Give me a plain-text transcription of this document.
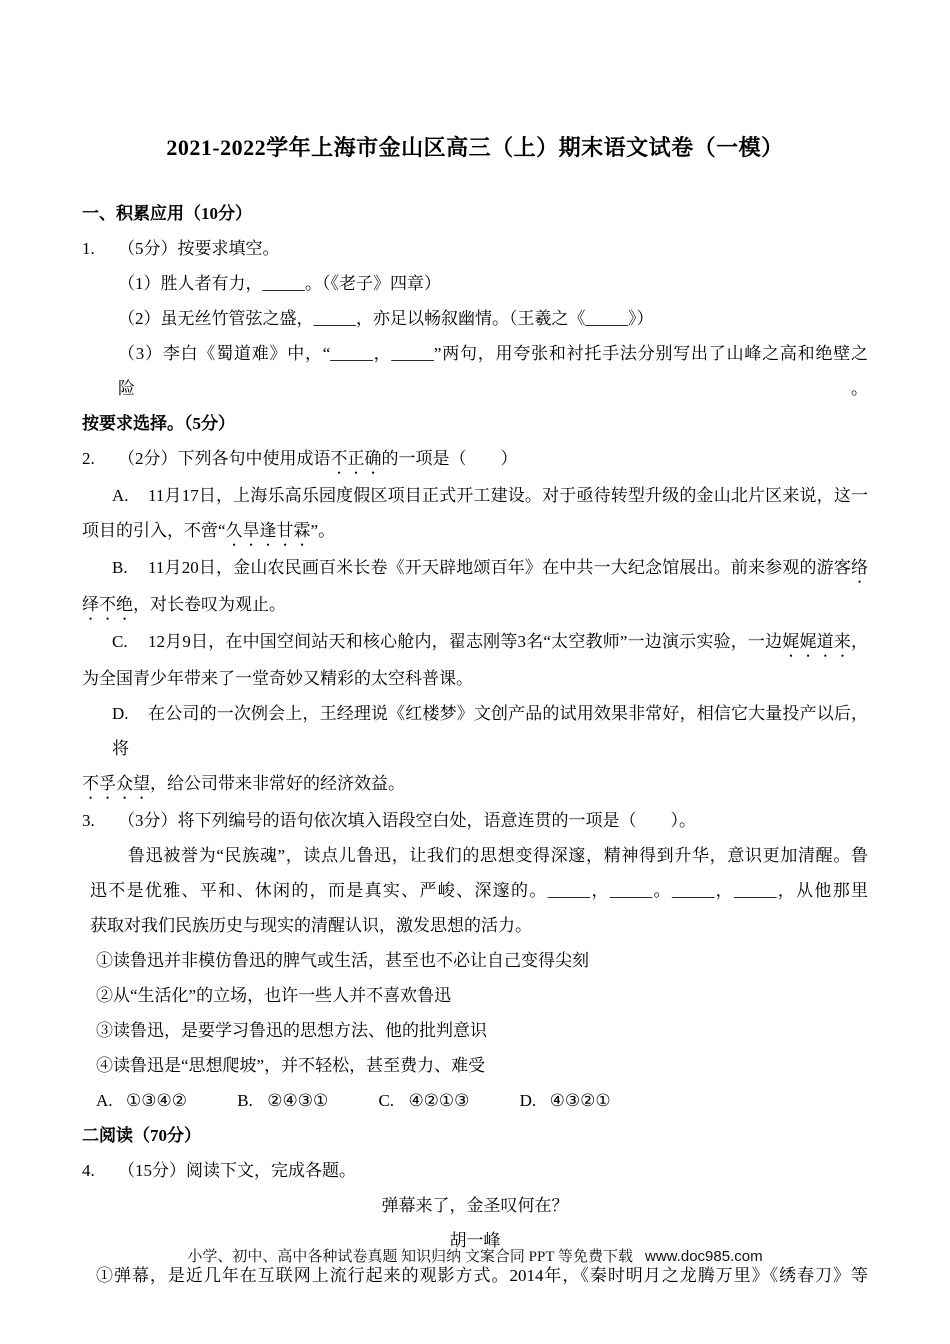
2021-2022学年上海市金山区高三（上）期末语文试卷（一模）
一、积累应用（10分）
1. （5分）按要求填空。
（1）胜人者有力，_____。（《老子》四章）
（2）虽无丝竹管弦之盛，_____，亦足以畅叙幽情。（王羲之《_____》）
（3）李白《蜀道难》中，“_____，_____”两句，用夸张和衬托手法分别写出了山峰之高和绝壁之险。
按要求选择。（5分）
2. （2分）下列各句中使用成语不正确的一项是（　　）
A. 11月17日，上海乐高乐园度假区项目正式开工建设。对于亟待转型升级的金山北片区来说，这一
项目的引入，不啻“久旱逢甘霖”。
B. 11月20日，金山农民画百米长卷《开天辟地颂百年》在中共一大纪念馆展出。前来参观的游客络
绎不绝，对长卷叹为观止。
C. 12月9日，在中国空间站天和核心舱内，翟志刚等3名“太空教师”一边演示实验，一边娓娓道来，
为全国青少年带来了一堂奇妙又精彩的太空科普课。
D. 在公司的一次例会上，王经理说《红楼梦》文创产品的试用效果非常好，相信它大量投产以后，将
不孚众望，给公司带来非常好的经济效益。
3. （3分）将下列编号的语句依次填入语段空白处，语意连贯的一项是（　　）。
鲁迅被誉为“民族魂”，读点儿鲁迅，让我们的思想变得深邃，精神得到升华，意识更加清醒。鲁
迅不是优雅、平和、休闲的，而是真实、严峻、深邃的。_____，_____。_____，_____，从他那里
获取对我们民族历史与现实的清醒认识，激发思想的活力。
①读鲁迅并非模仿鲁迅的脾气或生活，甚至也不必让自己变得尖刻
②从“生活化”的立场，也许一些人并不喜欢鲁迅
③读鲁迅，是要学习鲁迅的思想方法、他的批判意识
④读鲁迅是“思想爬坡”，并不轻松，甚至费力、难受
A. ①③④②	B. ②④③①	C. ④②①③	D. ④③②①
二阅读（70分）
4. （15分）阅读下文，完成各题。
弹幕来了，金圣叹何在？
胡一峰
①弹幕，是近几年在互联网上流行起来的观影方式。2014年，《秦时明月之龙腾万里》《绣春刀》等
小学、初中、高中各种试卷真题 知识归纳 文案合同 PPT 等免费下载 www.doc985.com
